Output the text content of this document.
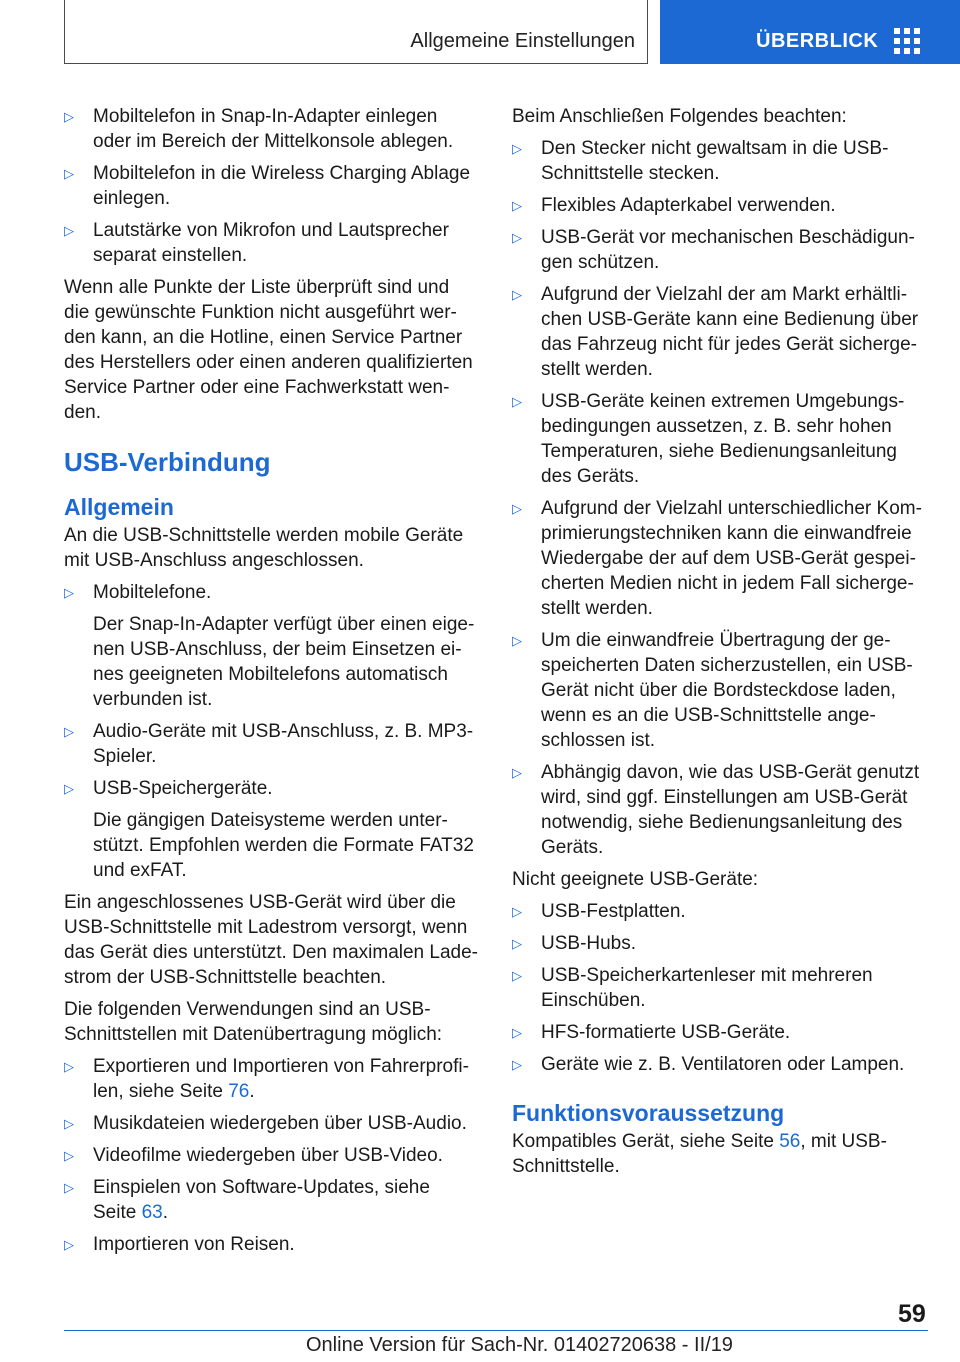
Allgemeine Einstellungen	ÜBERBLICK
▷ Mobiltelefon in Snap-In-Adapter einlegen oder im Bereich der Mittelkonsole ablegen.
▷ Mobiltelefon in die Wireless Charging Ablage einlegen.
▷ Lautstärke von Mikrofon und Lautsprecher separat einstellen.

Wenn alle Punkte der Liste überprüft sind und die gewünschte Funktion nicht ausgeführt wer-den kann, an die Hotline, einen Service Partner des Herstellers oder einen anderen qualifizierten Service Partner oder eine Fachwerkstatt wen-den.

USB-Verbindung
Allgemein

An die USB-Schnittstelle werden mobile Geräte mit USB-Anschluss angeschlossen.

▷ Mobiltelefone.
Der Snap-In-Adapter verfügt über einen eige-nen USB-Anschluss, der beim Einsetzen ei-nes geeigneten Mobiltelefons automatisch verbunden ist.
▷ Audio-Geräte mit USB-Anschluss, z. B. MP3-Spieler.
▷ USB-Speichergeräte.
Die gängigen Dateisysteme werden unter-stützt. Empfohlen werden die Formate FAT32 und exFAT.

Ein angeschlossenes USB-Gerät wird über die USB-Schnittstelle mit Ladestrom versorgt, wenn das Gerät dies unterstützt. Den maximalen Lade-strom der USB-Schnittstelle beachten.

Die folgenden Verwendungen sind an USB-Schnittstellen mit Datenübertragung möglich:

▷ Exportieren und Importieren von Fahrerprofi-len, siehe Seite 76.
▷ Musikdateien wiedergeben über USB-Audio.
▷ Videofilme wiedergeben über USB-Video.
▷ Einspielen von Software-Updates, siehe Seite 63.
▷ Importieren von Reisen.

Beim Anschließen Folgendes beachten:

▷ Den Stecker nicht gewaltsam in die USB-Schnittstelle stecken.
▷ Flexibles Adapterkabel verwenden.
▷ USB-Gerät vor mechanischen Beschädigun-gen schützen.
▷ Aufgrund der Vielzahl der am Markt erhältli-chen USB-Geräte kann eine Bedienung über das Fahrzeug nicht für jedes Gerät sicherge-stellt werden.
▷ USB-Geräte keinen extremen Umgebungs-bedingungen aussetzen, z. B. sehr hohen Temperaturen, siehe Bedienungsanleitung des Geräts.
▷ Aufgrund der Vielzahl unterschiedlicher Kom-primierungstechniken kann die einwandfreie Wiedergabe der auf dem USB-Gerät gespei-cherten Medien nicht in jedem Fall sicherge-stellt werden.
▷ Um die einwandfreie Übertragung der ge-speicherten Daten sicherzustellen, ein USB-Gerät nicht über die Bordsteckdose laden, wenn es an die USB-Schnittstelle ange-schlossen ist.
▷ Abhängig davon, wie das USB-Gerät genutzt wird, sind ggf. Einstellungen am USB-Gerät notwendig, siehe Bedienungsanleitung des Geräts.

Nicht geeignete USB-Geräte:

▷ USB-Festplatten.
▷ USB-Hubs.
▷ USB-Speicherkartenleser mit mehreren Einschüben.
▷ HFS-formatierte USB-Geräte.
▷ Geräte wie z. B. Ventilatoren oder Lampen.
Funktionsvoraussetzung

Kompatibles Gerät, siehe Seite 56, mit USB-Schnittstelle.

59
Online Version für Sach-Nr. 01402720638 - II/19
